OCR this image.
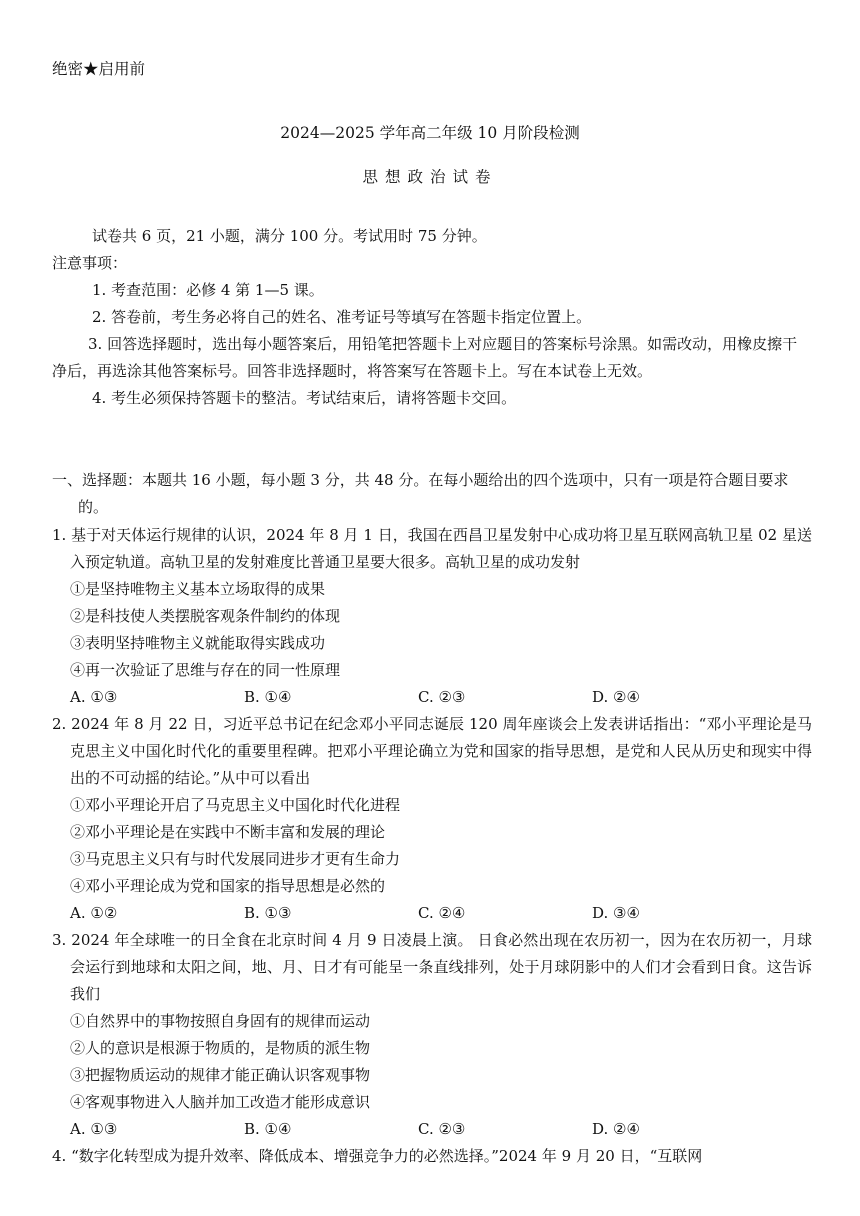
绝密★启用前
2024—2025 学年高二年级 10 月阶段检测
思想政治试卷

试卷共 6 页，21 小题，满分 100 分。考试用时 75 分钟。

注意事项：

1. 考查范围：必修 4 第 1—5 课。

2. 答卷前，考生务必将自己的姓名、准考证号等填写在答题卡指定位置上。

3. 回答选择题时，选出每小题答案后，用铅笔把答题卡上对应题目的答案标号涂黑。如需改动，用橡皮擦干净后，再选涂其他答案标号。回答非选择题时，将答案写在答题卡上。写在本试卷上无效。

4. 考生必须保持答题卡的整洁。考试结束后，请将答题卡交回。

一、选择题：本题共 16 小题，每小题 3 分，共 48 分。在每小题给出的四个选项中，只有一项是符合题目要求的。

1. 基于对天体运行规律的认识，2024 年 8 月 1 日，我国在西昌卫星发射中心成功将卫星互联网高轨卫星 02 星送入预定轨道。高轨卫星的发射难度比普通卫星要大很多。高轨卫星的成功发射

①是坚持唯物主义基本立场取得的成果

②是科技使人类摆脱客观条件制约的体现

③表明坚持唯物主义就能取得实践成功

④再一次验证了思维与存在的同一性原理

A. ①③	B. ①④	C. ②③	D. ②④

2. 2024 年 8 月 22 日，习近平总书记在纪念邓小平同志诞辰 120 周年座谈会上发表讲话指出：“邓小平理论是马克思主义中国化时代化的重要里程碑。把邓小平理论确立为党和国家的指导思想，是党和人民从历史和现实中得出的不可动摇的结论。”从中可以看出

①邓小平理论开启了马克思主义中国化时代化进程

②邓小平理论是在实践中不断丰富和发展的理论

③马克思主义只有与时代发展同进步才更有生命力

④邓小平理论成为党和国家的指导思想是必然的

A. ①②	B. ①③	C. ②④	D. ③④

3. 2024 年全球唯一的日全食在北京时间 4 月 9 日凌晨上演。 日食必然出现在农历初一，因为在农历初一，月球会运行到地球和太阳之间，地、月、日才有可能呈一条直线排列，处于月球阴影中的人们才会看到日食。这告诉我们

①自然界中的事物按照自身固有的规律而运动

②人的意识是根源于物质的，是物质的派生物

③把握物质运动的规律才能正确认识客观事物

④客观事物进入人脑并加工改造才能形成意识

A. ①③	B. ①④	C. ②③	D. ②④

4. “数字化转型成为提升效率、降低成本、增强竞争力的必然选择。”2024 年 9 月 20 日，“互联网
